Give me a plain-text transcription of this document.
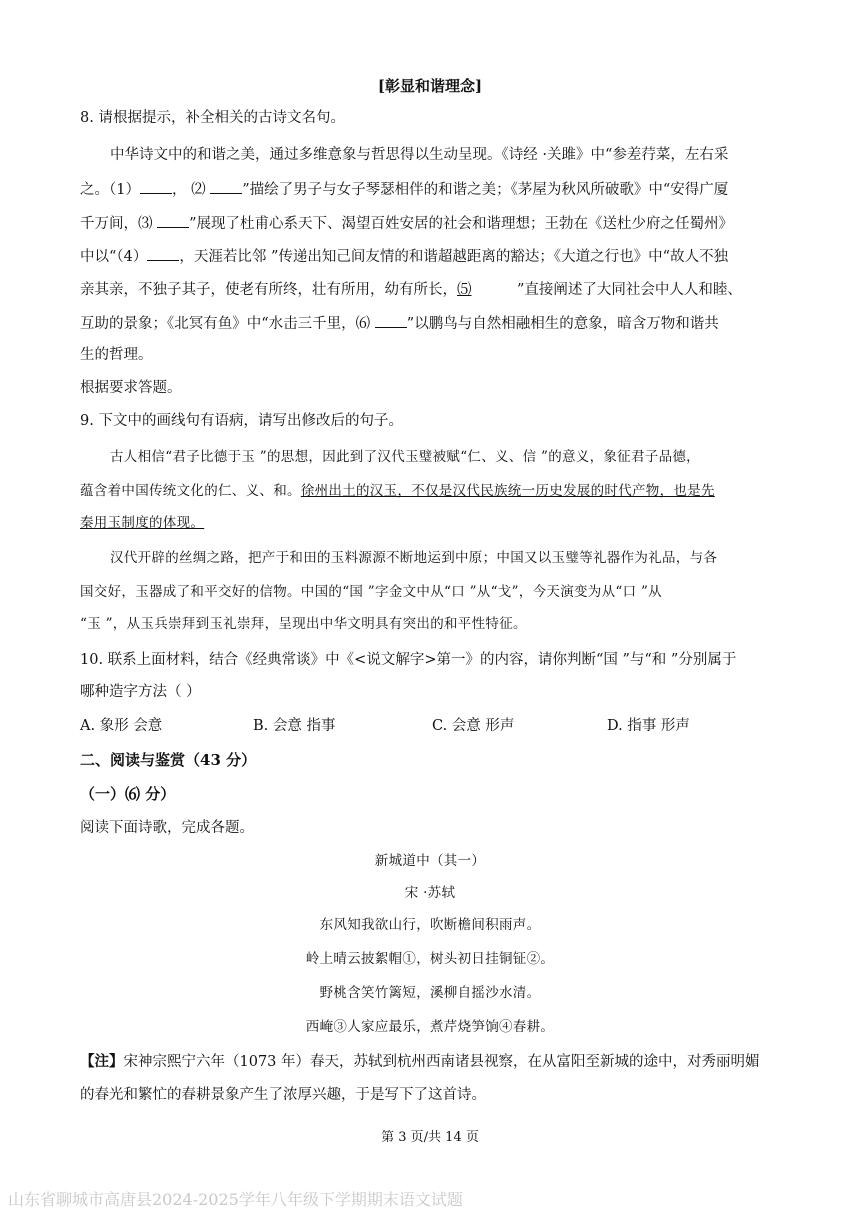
[彰显和谐理念]
8. 请根据提示，补全相关的古诗文名句。
中华诗文中的和谐之美，通过多维意象与哲思得以生动呈现。《诗经 ·关雎》中“参差荇菜，左右采
之。（1） ， ⑵ ”描绘了男子与女子琴瑟相伴的和谐之美；《茅屋为秋风所破歌》中“安得广厦
千万间，⑶ ”展现了杜甫心系天下、渴望百姓安居的社会和谐理想；王勃在《送杜少府之任蜀州》
中以“（4） ，天涯若比邻 ”传递出知己间友情的和谐超越距离的豁达；《大道之行也》中“故人不独
亲其亲，不独子其子，使老有所终，壮有所用，幼有所长，⑸	”直接阐述了大同社会中人人和睦、
互助的景象；《北冥有鱼》中“水击三千里，⑹ ”以鹏鸟与自然相融相生的意象，暗含万物和谐共
生的哲理。
根据要求答题。
9. 下文中的画线句有语病，请写出修改后的句子。
古人相信“君子比德于玉 ”的思想，因此到了汉代玉璧被赋“仁、义、信 ”的意义，象征君子品德，
蕴含着中国传统文化的仁、义、和。徐州出土的汉玉，不仅是汉代民族统一历史发展的时代产物，也是先
秦用玉制度的体现。
汉代开辟的丝绸之路，把产于和田的玉料源源不断地运到中原；中国又以玉璧等礼器作为礼品，与各
国交好，玉器成了和平交好的信物。中国的“国 ”字金文中从“口 ”从“戈”，今天演变为从“口 ”从
“玉 ”，从玉兵崇拜到玉礼崇拜，呈现出中华文明具有突出的和平性特征。
10. 联系上面材料，结合《经典常谈》中《<说文解字>第一》的内容，请你判断“国 ”与“和 ”分别属于
哪种造字方法（ ）
A. 象形 会意	B. 会意 指事	C. 会意 形声	D. 指事 形声
二、阅读与鉴赏（43 分）
（一）⑹ 分）
阅读下面诗歌，完成各题。
新城道中（其一）
宋 ·苏轼
东风知我欲山行，吹断檐间积雨声。
岭上晴云披絮帽①，树头初日挂铜钲②。
野桃含笑竹篱短，溪柳自摇沙水清。
西崦③人家应最乐，煮芹烧笋饷④春耕。
【注】宋神宗熙宁六年（1073 年）春天，苏轼到杭州西南诸县视察，在从富阳至新城的途中，对秀丽明媚
的春光和繁忙的春耕景象产生了浓厚兴趣，于是写下了这首诗。
第 3 页/共 14 页
山东省聊城市高唐县2024-2025学年八年级下学期期末语文试题
